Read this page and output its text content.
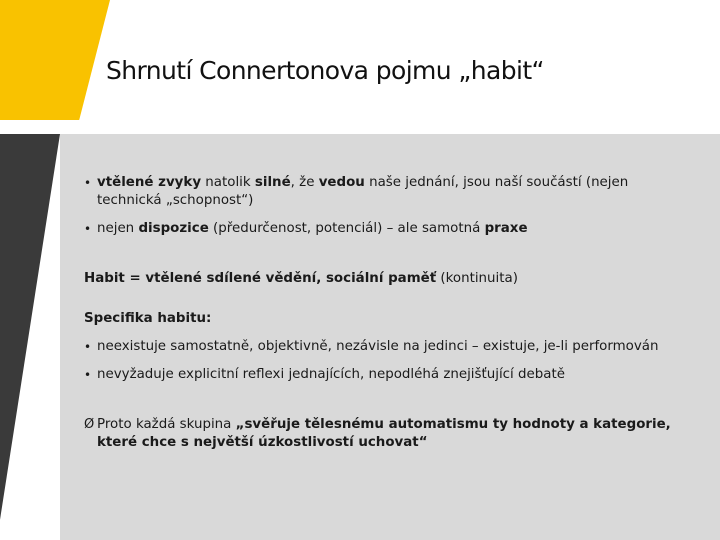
Shrnutí Connertonova pojmu „habit“
• vtělené zvyky natolik silné, že vedou naše jednání, jsou naší součástí (nejen technická „schopnost“)
• nejen dispozice (předurčenost, potenciál) – ale samotná praxe

Habit = vtělené sdílené vědění, sociální paměť (kontinuita)

Specifika habitu:

• neexistuje samostatně, objektivně, nezávisle na jedinci – existuje, je-li performován
• nevyžaduje explicitní reflexi jednajících, nepodléhá znejišťující debatě
Ø Proto každá skupina „svěřuje tělesnému automatismu ty hodnoty a kategorie, které chce s největší úzkostlivostí uchovat“
